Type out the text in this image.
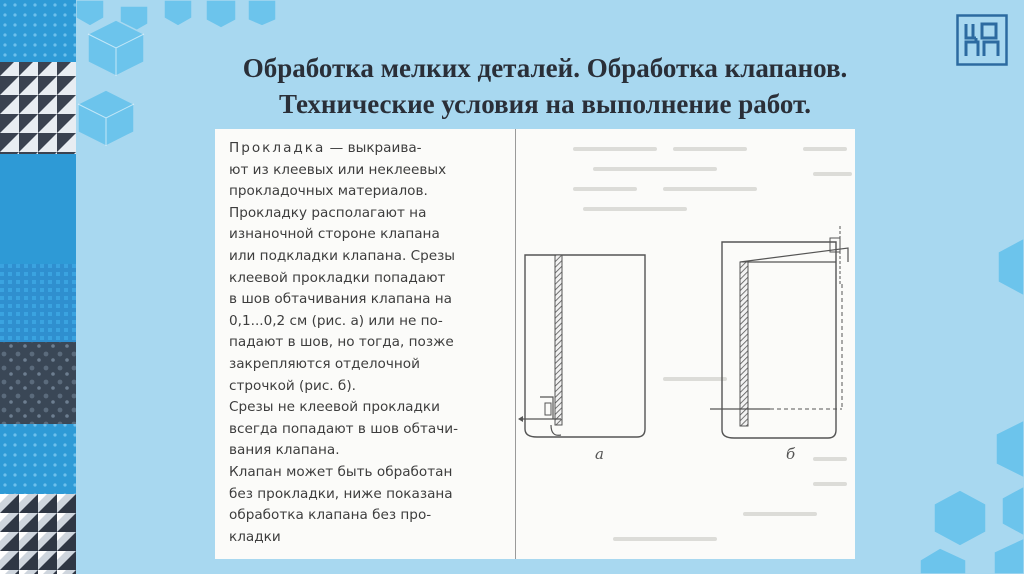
Обработка мелких деталей. Обработка клапанов.
Технические условия на выполнение работ.

Прокладка — выкраива-

ют из клеевых или неклеевых

прокладочных материалов.

Прокладку располагают на

изнаночной стороне клапана

или подкладки клапана. Срезы

клеевой прокладки попадают

в шов обтачивания клапана на

0,1...0,2 см (рис. а) или не по-

падают в шов, но тогда, позже

закрепляются отделочной

строчкой (рис. б).

Срезы не клеевой прокладки

всегда попадают в шов обтачи-

вания клапана.

Клапан может быть обработан

без прокладки, ниже показана

обработка клапана без про-

кладки

а	б
